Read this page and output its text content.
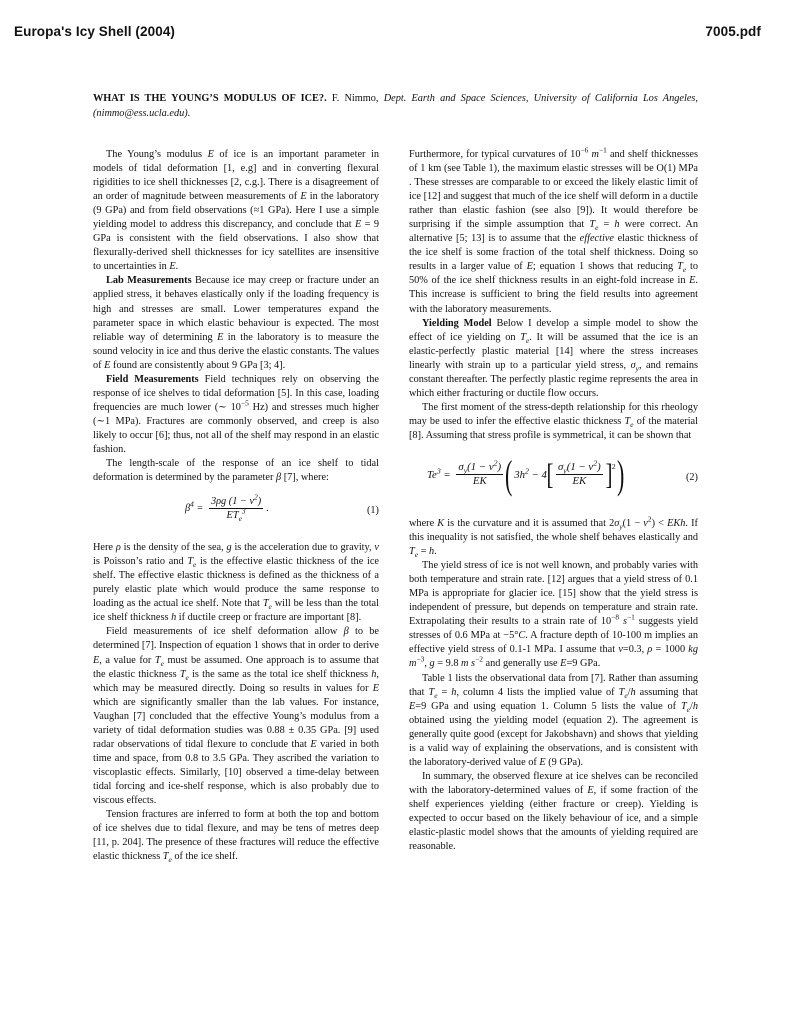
Europa's Icy Shell (2004)	7005.pdf
WHAT IS THE YOUNG’S MODULUS OF ICE?. F. Nimmo, Dept. Earth and Space Sciences, University of California Los Angeles, (nimmo@ess.ucla.edu).

The Young’s modulus E of ice is an important parameter in models of tidal deformation [1, e.g] and in converting flexural rigidities to ice shell thicknesses [2, c.g.]. There is a disagreement of an order of magnitude between measurements of E in the laboratory (9 GPa) and from field observations (≈1 GPa). Here I use a simple yielding model to address this discrepancy, and conclude that E = 9 GPa is consistent with the field observations. I also show that flexurally-derived shell thicknesses for icy satellites are insensitive to uncertainties in E.

Lab Measurements Because ice may creep or fracture under an applied stress, it behaves elastically only if the loading frequency is high and stresses are small. Lower temperatures expand the parameter space in which elastic behaviour is expected. The most reliable way of determining E in the laboratory is to measure the sound velocity in ice and thus derive the elastic constants. The values of E found are consistently about 9 GPa [3; 4].

Field Measurements Field techniques rely on observing the response of ice shelves to tidal deformation [5]. In this case, loading frequencies are much lower (∼ $10^{-5}$ Hz) and stresses much higher (∼1 MPa). Fractures are commonly observed, and creep is also likely to occur [6]; thus, not all of the shelf may respond in an elastic fashion.

The length-scale of the response of an ice shelf to tidal deformation is determined by the parameter β [7], where:

$\beta^4 = \frac{3\rho g (1 - \nu^2)}{ET_e^3}$ .	(1)

Here ρ is the density of the sea, g is the acceleration due to gravity, ν is Poisson’s ratio and $T_e$ is the effective elastic thickness of the ice shelf. The effective elastic thickness is defined as the thickness of a purely elastic plate which would produce the same response to loading as the actual ice shelf. Note that $T_e$ will be less than the total ice shelf thickness h if ductile creep or fracture are important [8].

Field measurements of ice shelf deformation allow β to be determined [7]. Inspection of equation 1 shows that in order to derive E, a value for $T_e$ must be assumed. One approach is to assume that the elastic thickness $T_e$ is the same as the total ice shelf thickness h, which may be measured directly. Doing so results in values for E which are significantly smaller than the lab values. For instance, Vaughan [7] concluded that the effective Young’s modulus from a variety of tidal deformation studies was 0.88 ± 0.35 GPa. [9] used radar observations of tidal flexure to conclude that E varied in both time and space, from 0.8 to 3.5 GPa. They ascribed the variation to viscoplastic effects. Similarly, [10] observed a time-delay between tidal forcing and ice-shelf response, which is also probably due to viscous effects.

Tension fractures are inferred to form at both the top and bottom of ice shelves due to tidal flexure, and may be tens of metres deep [11, p. 204]. The presence of these fractures will reduce the effective elastic thickness $T_e$ of the ice shelf.

Furthermore, for typical curvatures of $10^{-6}$ $m^{-1}$ and shelf thicknesses of 1 km (see Table 1), the maximum elastic stresses will be O(1) MPa . These stresses are comparable to or exceed the likely elastic limit of ice [12] and suggest that much of the ice shelf will deform in a ductile rather than elastic fashion (see also [9]). It would therefore be surprising if the simple assumption that $T_e = h$ were correct. An alternative [5; 13] is to assume that the effective elastic thickness of the ice shelf is some fraction of the total shelf thickness. Doing so results in a larger value of E; equation 1 shows that reducing $T_e$ to 50% of the ice shelf thickness results in an eight-fold increase in E. This increase is sufficient to bring the field results into agreement with the laboratory measurements.

Yielding Model Below I develop a simple model to show the effect of ice yielding on $T_e$. It will be assumed that the ice is an elastic-perfectly plastic material [14] where the stress increases linearly with strain up to a particular yield stress, $\sigma_y$, and remains constant thereafter. The perfectly plastic regime represents the area in which either fracturing or ductile flow occurs.

The first moment of the stress-depth relationship for this rheology may be used to infer the effective elastic thickness $T_e$ of the material [8]. Assuming that stress profile is symmetrical, it can be shown that

$Te^3 = \frac{\sigma_y(1 - \nu^2)}{EK}$ (
$3h^2 - 4$ [ $\frac{\sigma_y(1 - \nu^2)}{EK} ]^2$
)	(2)

where K is the curvature and it is assumed that $2\sigma_y(1 - \nu^2)$ < EKh. If this inequality is not satisfied, the whole shelf behaves elastically and $T_e = h$.

The yield stress of ice is not well known, and probably varies with both temperature and strain rate. [12] argues that a yield stress of 0.1 MPa is appropriate for glacier ice. [15] show that the yield stress is independent of pressure, but depends on temperature and strain rate. Extrapolating their results to a strain rate of $10^{-8}$ $s^{-1}$ suggests yield stresses of 0.6 MPa at −5°C. A fracture depth of 10-100 m implies an effective yield stress of 0.1-1 MPa. I assume that ν=0.3, ρ = 1000 kg $m^{-3}$, g = 9.8 m $s^{-2}$ and generally use E=9 GPa.

Table 1 lists the observational data from [7]. Rather than assuming that $T_e = h$, column 4 lists the implied value of $T_e/h$ assuming that E=9 GPa and using equation 1. Column 5 lists the value of $T_e/h$ obtained using the yielding model (equation 2). The agreement is generally quite good (except for Jakobshavn) and shows that yielding is a valid way of explaining the observations, and is consistent with the laboratory-derived value of E (9 GPa).

In summary, the observed flexure at ice shelves can be reconciled with the laboratory-determined values of E, if some fraction of the shelf experiences yielding (either fracture or creep). Yielding is expected to occur based on the likely behaviour of ice, and a simple elastic-plastic model shows that the amounts of yielding required are reasonable.
